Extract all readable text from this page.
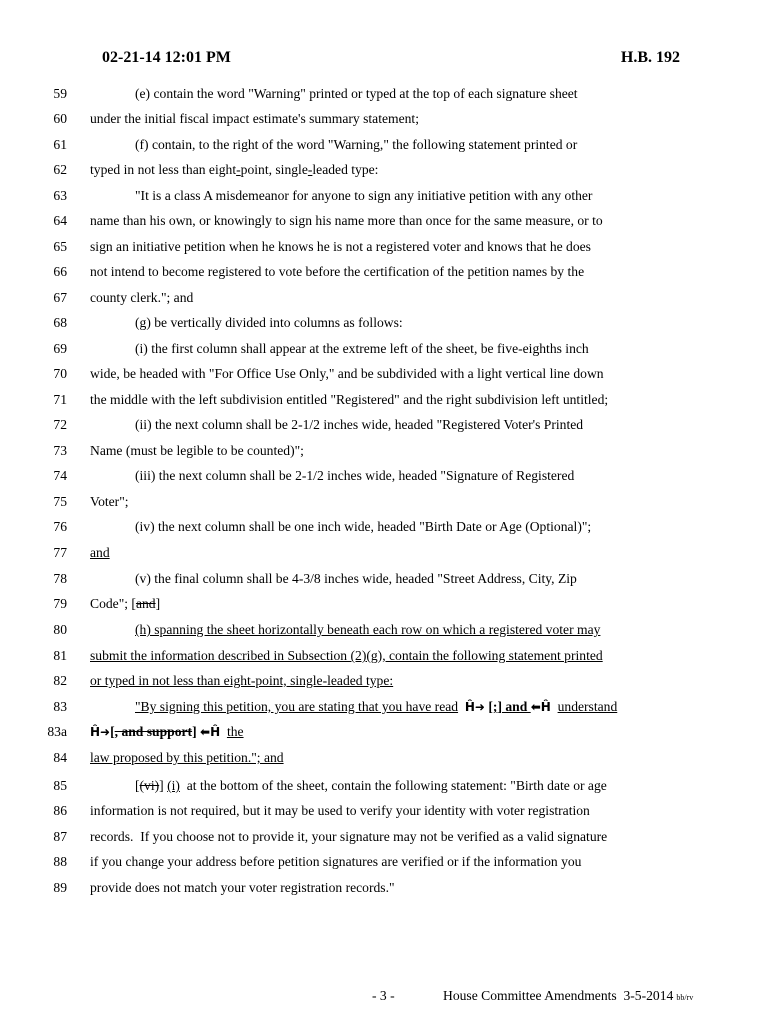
02-21-14 12:01 PM	H.B. 192
59	(e) contain the word "Warning" printed or typed at the top of each signature sheet
60 under the initial fiscal impact estimate's summary statement;
61	(f) contain, to the right of the word "Warning," the following statement printed or
62 typed in not less than eight-point, single-leaded type:
63	"It is a class A misdemeanor for anyone to sign any initiative petition with any other
64 name than his own, or knowingly to sign his name more than once for the same measure, or to
65 sign an initiative petition when he knows he is not a registered voter and knows that he does
66 not intend to become registered to vote before the certification of the petition names by the
67 county clerk."; and
68	(g) be vertically divided into columns as follows:
69	(i) the first column shall appear at the extreme left of the sheet, be five-eighths inch
70 wide, be headed with "For Office Use Only," and be subdivided with a light vertical line down
71 the middle with the left subdivision entitled "Registered" and the right subdivision left untitled;
72	(ii) the next column shall be 2-1/2 inches wide, headed "Registered Voter's Printed
73 Name (must be legible to be counted)";
74	(iii) the next column shall be 2-1/2 inches wide, headed "Signature of Registered
75 Voter";
76	(iv) the next column shall be one inch wide, headed "Birth Date or Age (Optional)";
77 and
78	(v) the final column shall be 4-3/8 inches wide, headed "Street Address, City, Zip
79 Code"; [and]
80	(h) spanning the sheet horizontally beneath each row on which a registered voter may
81 submit the information described in Subsection (2)(g), contain the following statement printed
82 or typed in not less than eight-point, single-leaded type:
83	"By signing this petition, you are stating that you have read Ĥ➜ [;] and ⬅Ĥ understand
83a Ĥ➜[, and support] ⬅Ĥ the
84 law proposed by this petition."; and
85	[(vi)] (i)  at the bottom of the sheet, contain the following statement: "Birth date or age
86 information is not required, but it may be used to verify your identity with voter registration
87 records.  If you choose not to provide it, your signature may not be verified as a valid signature
88 if you change your address before petition signatures are verified or if the information you
89 provide does not match your voter registration records."
- 3 -	House Committee Amendments  3-5-2014 bb/rv
